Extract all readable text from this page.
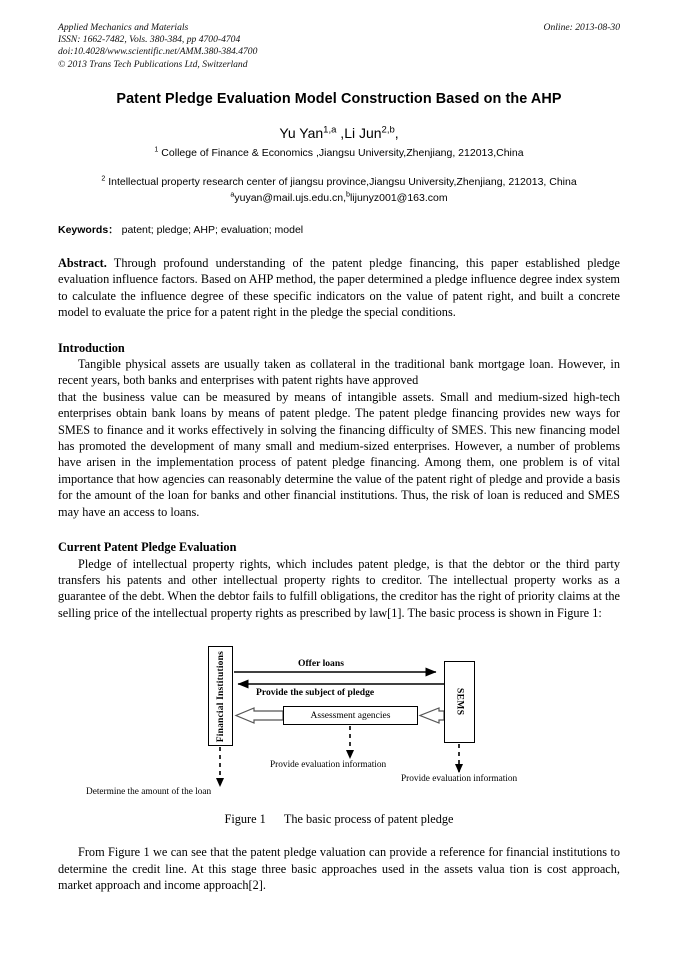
Applied Mechanics and Materials
ISSN: 1662-7482, Vols. 380-384, pp 4700-4704
doi:10.4028/www.scientific.net/AMM.380-384.4700
© 2013 Trans Tech Publications Ltd, Switzerland
Online: 2013-08-30
Patent Pledge Evaluation Model Construction Based on the AHP
Yu Yan$^{1,a}$ ,Li Jun$^{2,b}$,
$^1$ College of Finance & Economics ,Jiangsu University,Zhenjiang, 212013,China
$^2$ Intellectual property research center of jiangsu province,Jiangsu University,Zhenjiang, 212013, China
$^a$yuyan@mail.ujs.edu.cn,$^b$lijunyz001@163.com
Keywords： patent; pledge; AHP; evaluation; model
Abstract. Through profound understanding of the patent pledge financing, this paper established pledge evaluation influence factors. Based on AHP method, the paper determined a pledge influence degree index system to calculate the influence degree of these specific indicators on the value of patent right, and built a concrete model to evaluate the price for a patent right in the pledge the special conditions.
Introduction
Tangible physical assets are usually taken as collateral in the traditional bank mortgage loan. However, in recent years, both banks and enterprises with patent rights have approved
that the business value can be measured by means of intangible assets. Small and medium-sized high-tech enterprises obtain bank loans by means of patent pledge. The patent pledge financing provides new ways for SMES to finance and it works effectively in solving the financing difficulty of SMES. This new financing model has promoted the development of many small and medium-sized enterprises. However, a number of problems have arisen in the implementation process of patent pledge financing. Among them, one problem is of vital importance that how agencies can reasonably determine the value of the patent right of pledge and provide a basis for the amount of the loan for banks and other financial institutions. Thus, the risk of loan is reduced and SMES may have an access to loans.
Current Patent Pledge Evaluation
Pledge of intellectual property rights, which includes patent pledge, is that the debtor or the third party transfers his patents and other intellectual property rights to creditor. The intellectual property works as a guarantee of the debt. When the debtor fails to fulfill obligations, the creditor has the right of priority claims at the selling price of the intellectual property rights as prescribed by law[1]. The basic process is shown in Figure 1:
Financial Institutions	SEMS
Assessment agencies
Offer loans
Provide the subject of pledge
Provide evaluation information
Provide evaluation information
Determine the amount of the loan
Figure 1 The basic process of patent pledge
From Figure 1 we can see that the patent pledge valuation can provide a reference for financial institutions to determine the credit line. At this stage three basic approaches used in the assets valua tion is cost approach, market approach and income approach[2].
